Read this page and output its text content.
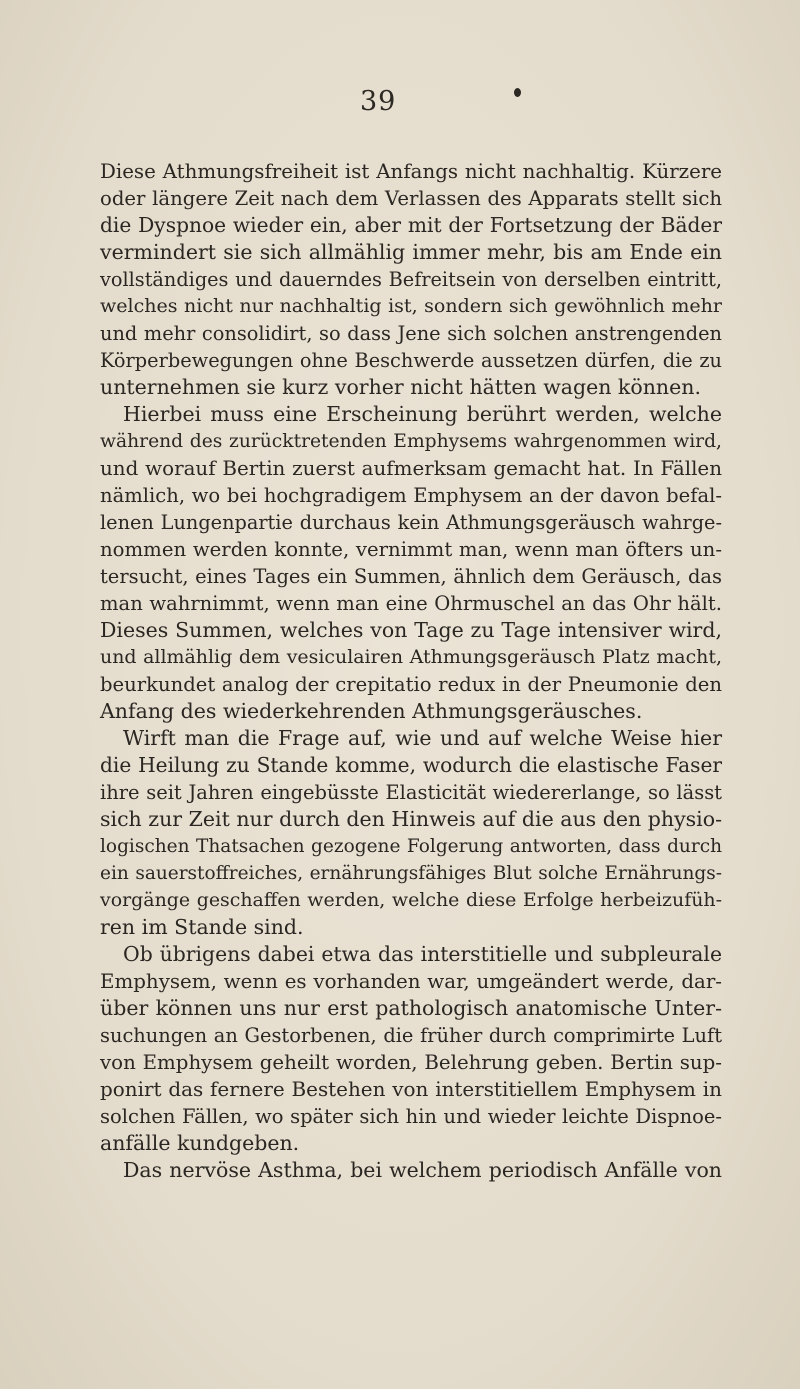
39
Diese Athmungsfreiheit ist Anfangs nicht nachhaltig. Kürzere
oder längere Zeit nach dem Verlassen des Apparats stellt sich
die Dyspnoe wieder ein, aber mit der Fortsetzung der Bäder
vermindert sie sich allmählig immer mehr, bis am Ende ein
vollständiges und dauerndes Befreitsein von derselben eintritt,
welches nicht nur nachhaltig ist, sondern sich gewöhnlich mehr
und mehr consolidirt, so dass Jene sich solchen anstrengenden
Körperbewegungen ohne Beschwerde aussetzen dürfen, die zu
unternehmen sie kurz vorher nicht hätten wagen können.
Hierbei muss eine Erscheinung berührt werden, welche
während des zurücktretenden Emphysems wahrgenommen wird,
und worauf Bertin zuerst aufmerksam gemacht hat. In Fällen
nämlich, wo bei hochgradigem Emphysem an der davon befal-
lenen Lungenpartie durchaus kein Athmungsgeräusch wahrge-
nommen werden konnte, vernimmt man, wenn man öfters un-
tersucht, eines Tages ein Summen, ähnlich dem Geräusch, das
man wahrnimmt, wenn man eine Ohrmuschel an das Ohr hält.
Dieses Summen, welches von Tage zu Tage intensiver wird,
und allmählig dem vesiculairen Athmungsgeräusch Platz macht,
beurkundet analog der crepitatio redux in der Pneumonie den
Anfang des wiederkehrenden Athmungsgeräusches.
Wirft man die Frage auf, wie und auf welche Weise hier
die Heilung zu Stande komme, wodurch die elastische Faser
ihre seit Jahren eingebüsste Elasticität wiedererlange, so lässt
sich zur Zeit nur durch den Hinweis auf die aus den physio-
logischen Thatsachen gezogene Folgerung antworten, dass durch
ein sauerstoffreiches, ernährungsfähiges Blut solche Ernährungs-
vorgänge geschaffen werden, welche diese Erfolge herbeizufüh-
ren im Stande sind.
Ob übrigens dabei etwa das interstitielle und subpleurale
Emphysem, wenn es vorhanden war, umgeändert werde, dar-
über können uns nur erst pathologisch anatomische Unter-
suchungen an Gestorbenen, die früher durch comprimirte Luft
von Emphysem geheilt worden, Belehrung geben. Bertin sup-
ponirt das fernere Bestehen von interstitiellem Emphysem in
solchen Fällen, wo später sich hin und wieder leichte Dispnoe-
anfälle kundgeben.
Das nervöse Asthma, bei welchem periodisch Anfälle von
